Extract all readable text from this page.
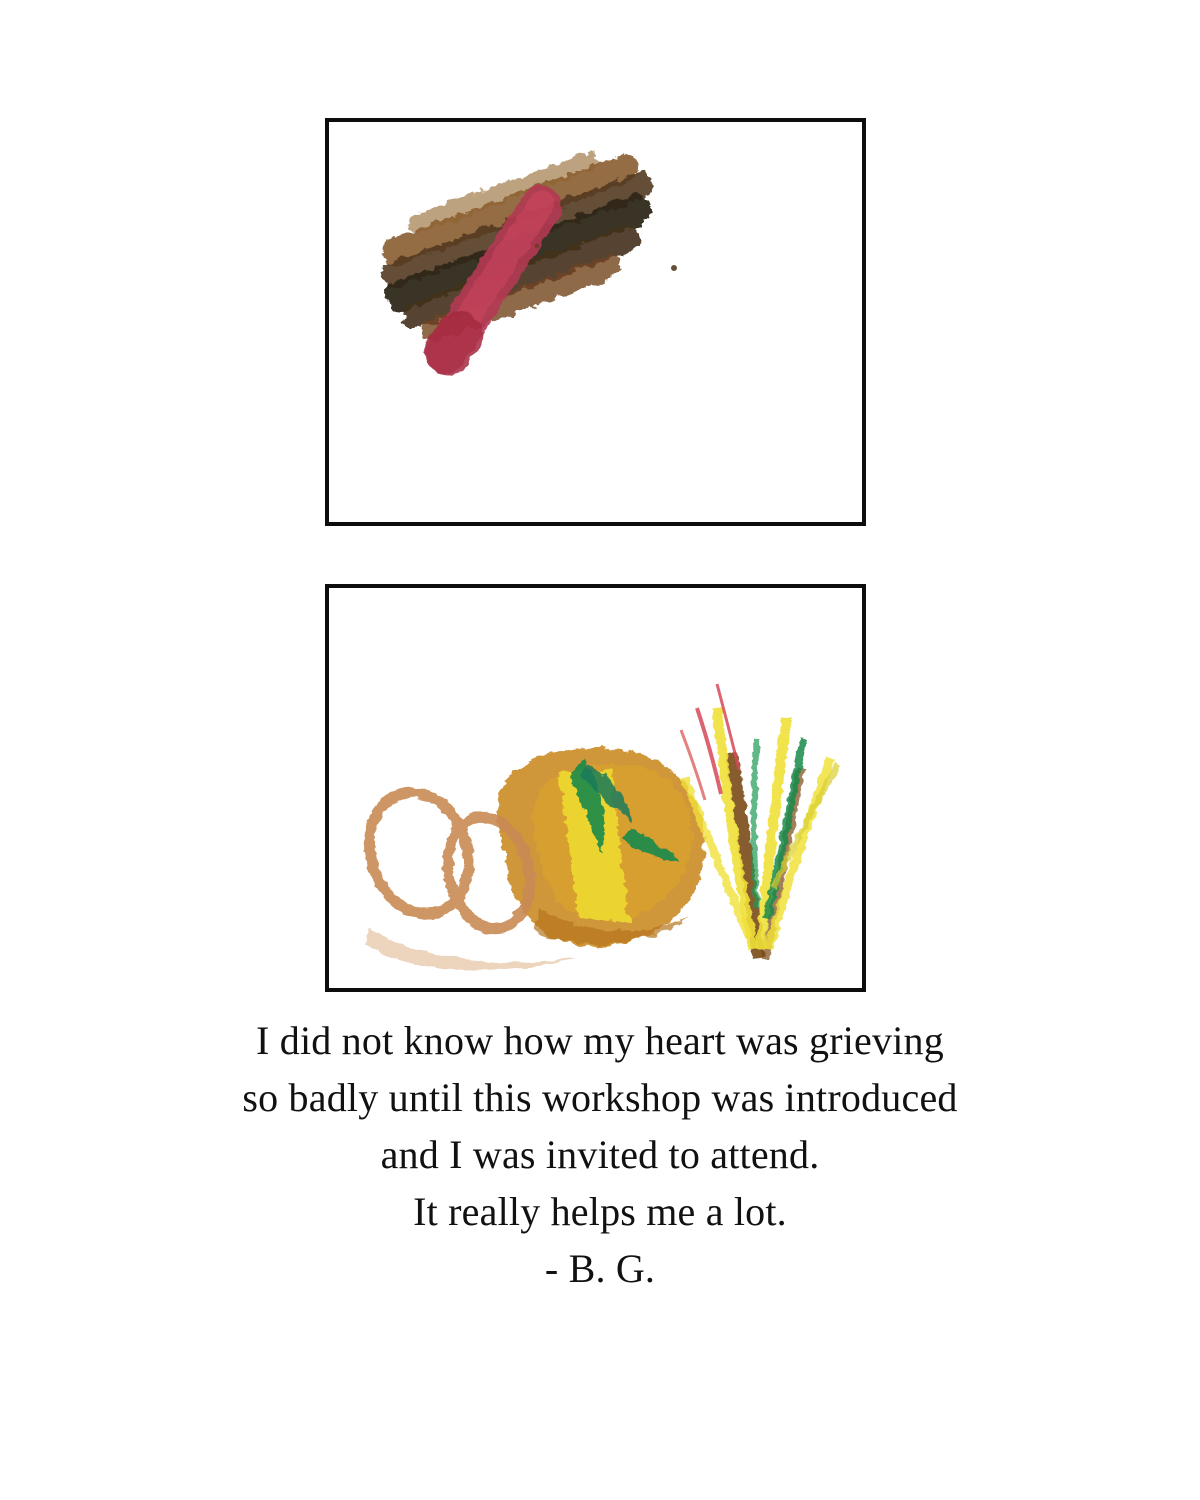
I did not know how my heart was grieving
so badly until this workshop was introduced
and I was invited to attend.
It really helps me a lot.
- B. G.
